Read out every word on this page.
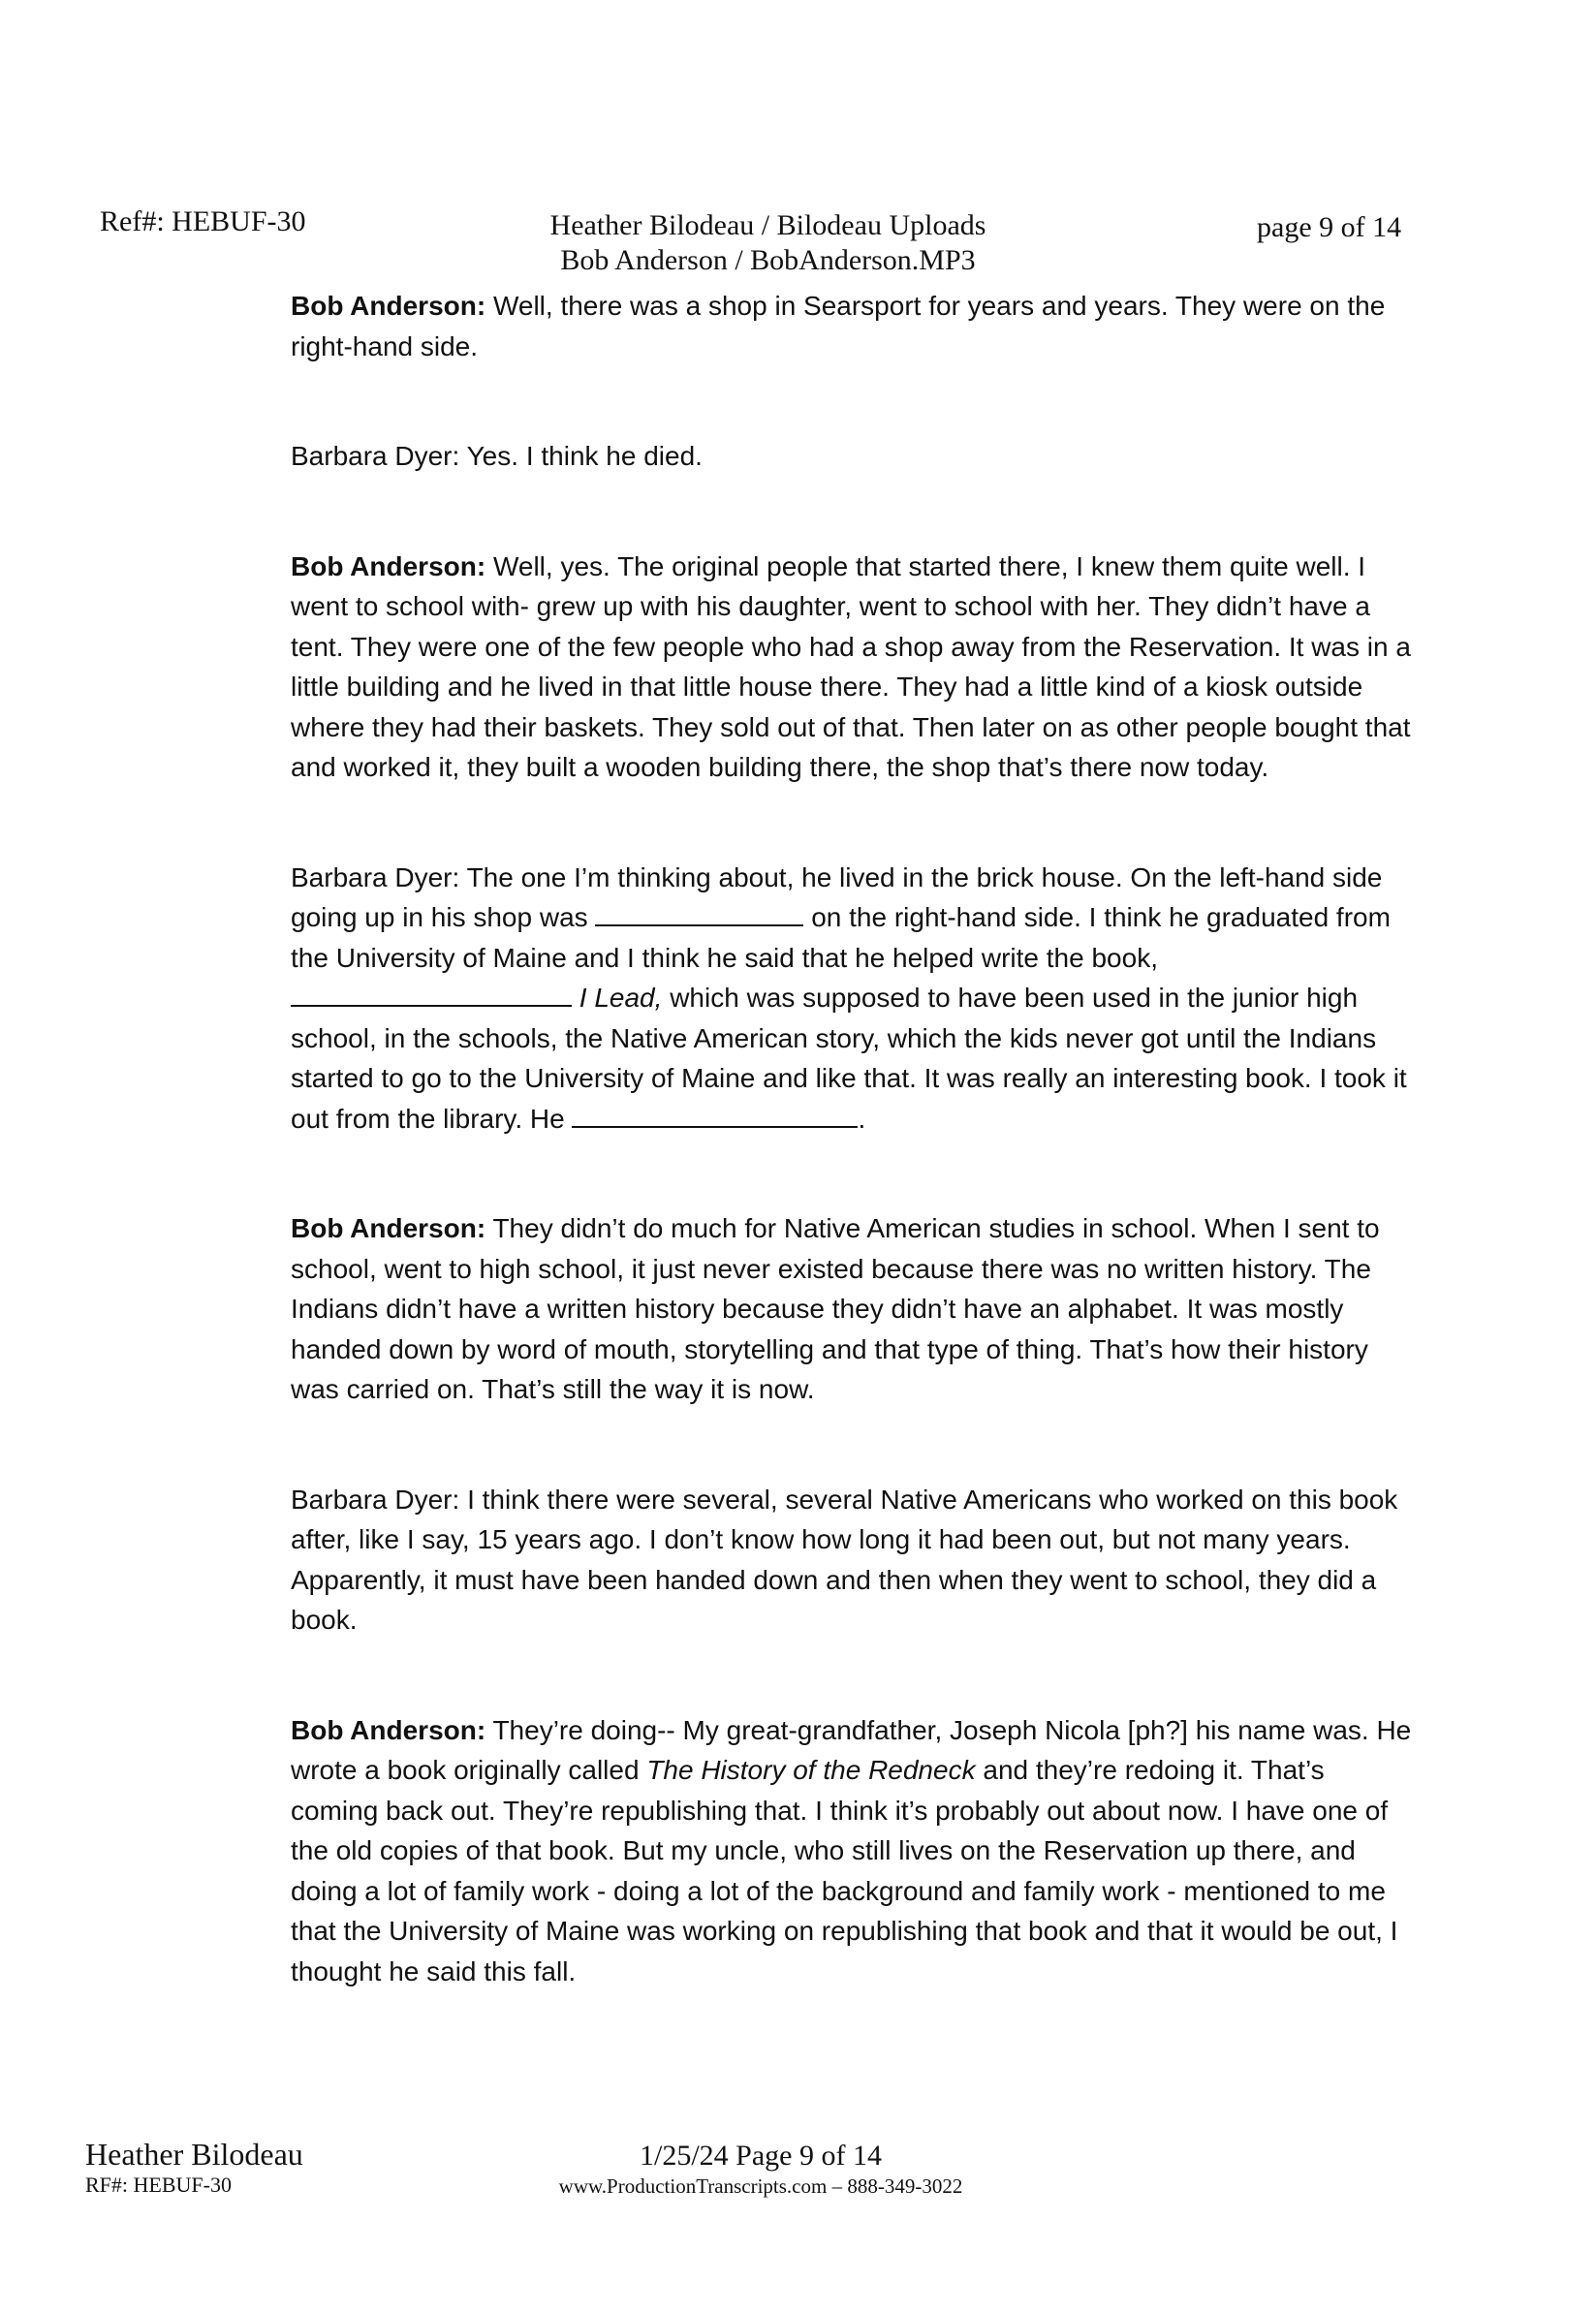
Ref#: HEBUF-30	Heather Bilodeau / Bilodeau Uploads
Bob Anderson / BobAnderson.MP3
page 9 of 14

Bob Anderson: Well, there was a shop in Searsport for years and years. They were on the right-hand side.

Barbara Dyer: Yes. I think he died.

Bob Anderson: Well, yes. The original people that started there, I knew them quite well. I went to school with- grew up with his daughter, went to school with her. They didn’t have a tent. They were one of the few people who had a shop away from the Reservation. It was in a little building and he lived in that little house there. They had a little kind of a kiosk outside where they had their baskets. They sold out of that. Then later on as other people bought that and worked it, they built a wooden building there, the shop that’s there now today.

Barbara Dyer: The one I’m thinking about, he lived in the brick house. On the left-hand side going up in his shop was	on the right-hand side. I think he graduated from the University of Maine and I think he said that he helped write the book,  I Lead, which was supposed to have been used in the junior high school, in the schools, the Native American story, which the kids never got until the Indians started to go to the University of Maine and like that. It was really an interesting book. I took it out from the library. He	.

Bob Anderson: They didn’t do much for Native American studies in school. When I sent to school, went to high school, it just never existed because there was no written history. The Indians didn’t have a written history because they didn’t have an alphabet. It was mostly handed down by word of mouth, storytelling and that type of thing. That’s how their history was carried on. That’s still the way it is now.

Barbara Dyer: I think there were several, several Native Americans who worked on this book after, like I say, 15 years ago. I don’t know how long it had been out, but not many years. Apparently, it must have been handed down and then when they went to school, they did a book.

Bob Anderson: They’re doing-- My great-grandfather, Joseph Nicola [ph?] his name was. He wrote a book originally called The History of the Redneck and they’re redoing it. That’s coming back out. They’re republishing that. I think it’s probably out about now. I have one of the old copies of that book. But my uncle, who still lives on the Reservation up there, and doing a lot of family work - doing a lot of the background and family work - mentioned to me that the University of Maine was working on republishing that book and that it would be out, I thought he said this fall.

Heather Bilodeau
RF#: HEBUF-30
1/25/24 Page 9 of 14
www.ProductionTranscripts.com – 888-349-3022
